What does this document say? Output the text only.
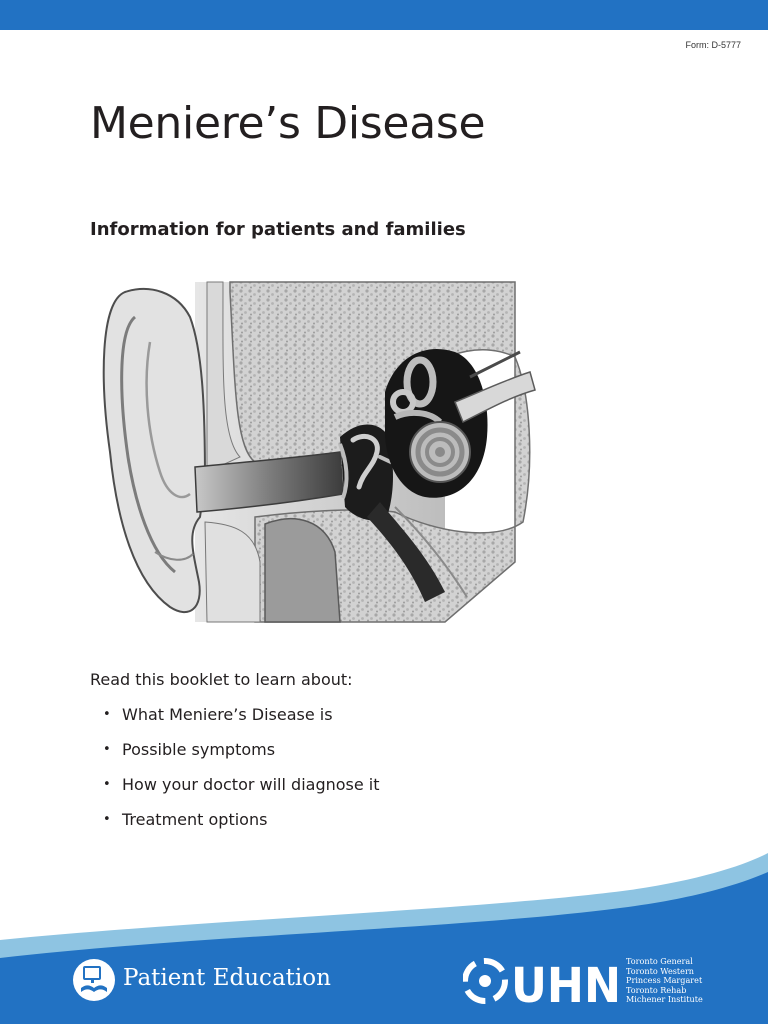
Form: D-5777
Meniere’s Disease
Information for patients and families
Read this booklet to learn about:
• What Meniere’s Disease is
• Possible symptoms
• How your doctor will diagnose it
• Treatment options
Patient Education	UHN Toronto General
Toronto Western
Princess Margaret
Toronto Rehab
Michener Institute
